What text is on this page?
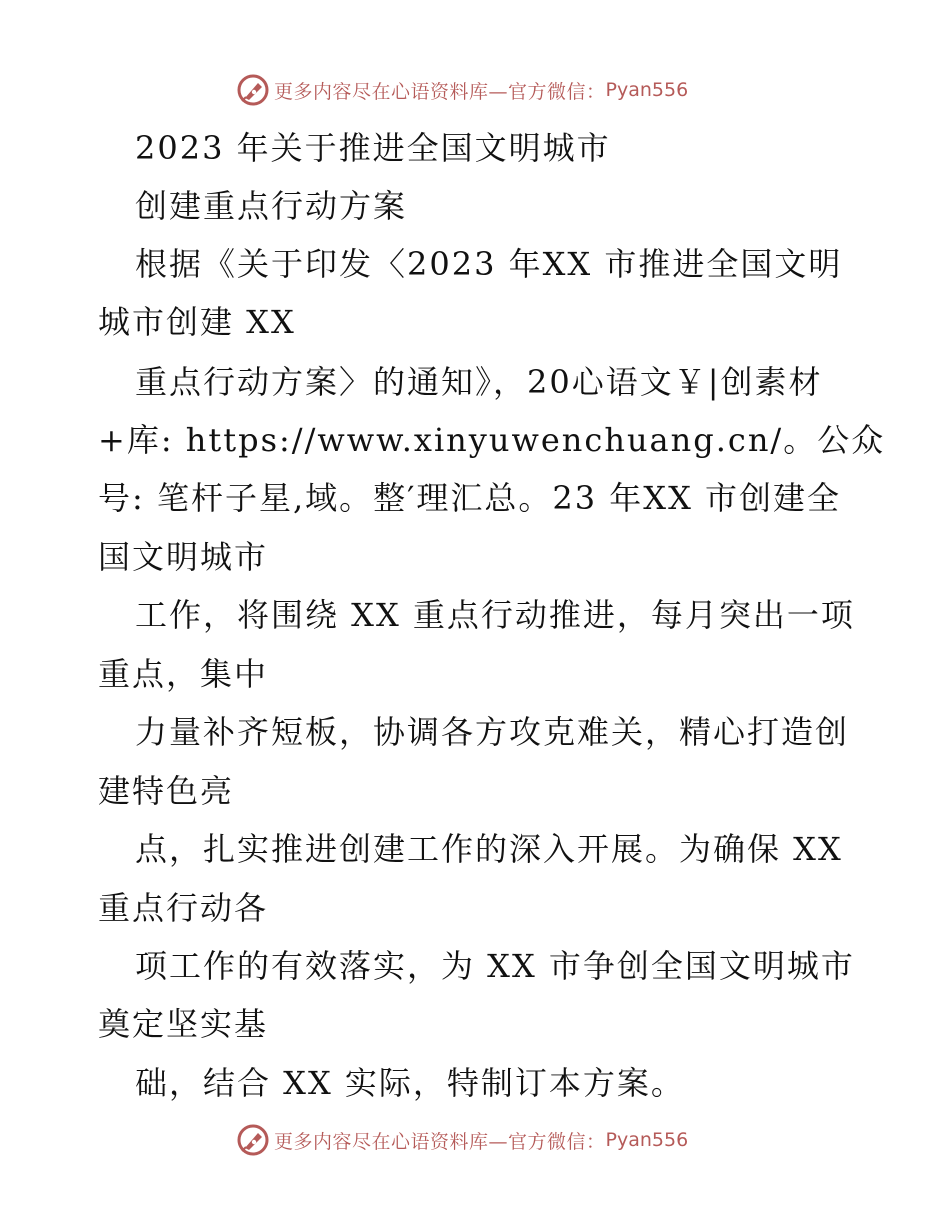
更多内容尽在心语资料库—官方微信： Pyan556
2023 年关于推进全国文明城市
创建重点行动方案
根据《关于印发〈2023 年XX 市推进全国文明
城市创建 XX
重点行动方案〉的通知》，20心语文￥|创素材
+库: https://www.xinyuwenchuang.cn/。公众
号: 笔杆子星,域。整′理汇总。23 年XX 市创建全
国文明城市
工作，将围绕 XX 重点行动推进，每月突出一项
重点，集中
力量补齐短板，协调各方攻克难关，精心打造创
建特色亮
点，扎实推进创建工作的深入开展。为确保 XX
重点行动各
项工作的有效落实，为 XX 市争创全国文明城市
奠定坚实基
础，结合 XX 实际，特制订本方案。
更多内容尽在心语资料库—官方微信： Pyan556
